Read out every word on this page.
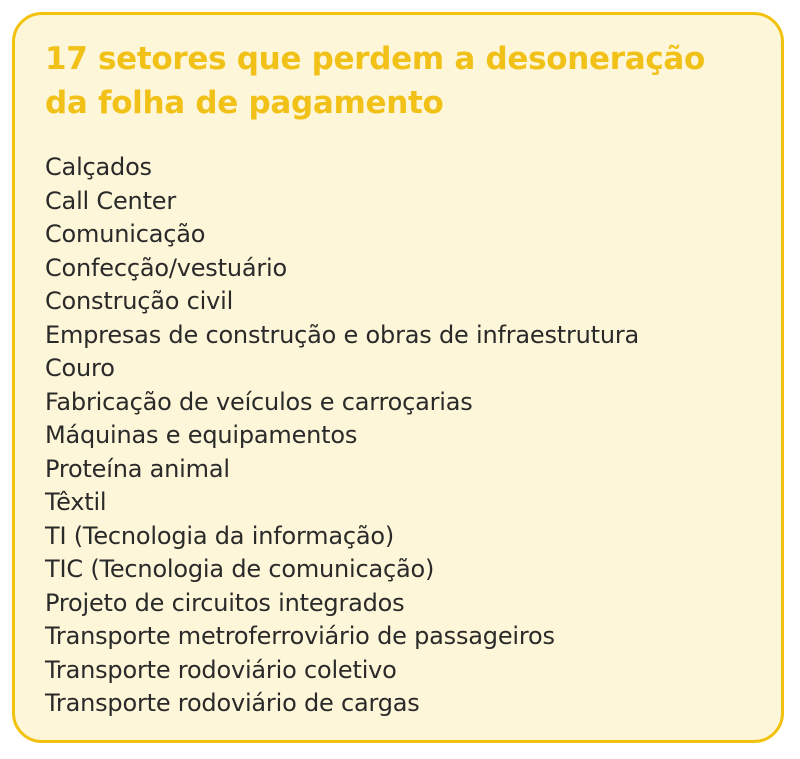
17 setores que perdem a desoneração
da folha de pagamento
Calçados
Call Center
Comunicação
Confecção/vestuário
Construção civil
Empresas de construção e obras de infraestrutura
Couro
Fabricação de veículos e carroçarias
Máquinas e equipamentos
Proteína animal
Têxtil
TI (Tecnologia da informação)
TIC (Tecnologia de comunicação)
Projeto de circuitos integrados
Transporte metroferroviário de passageiros
Transporte rodoviário coletivo
Transporte rodoviário de cargas
